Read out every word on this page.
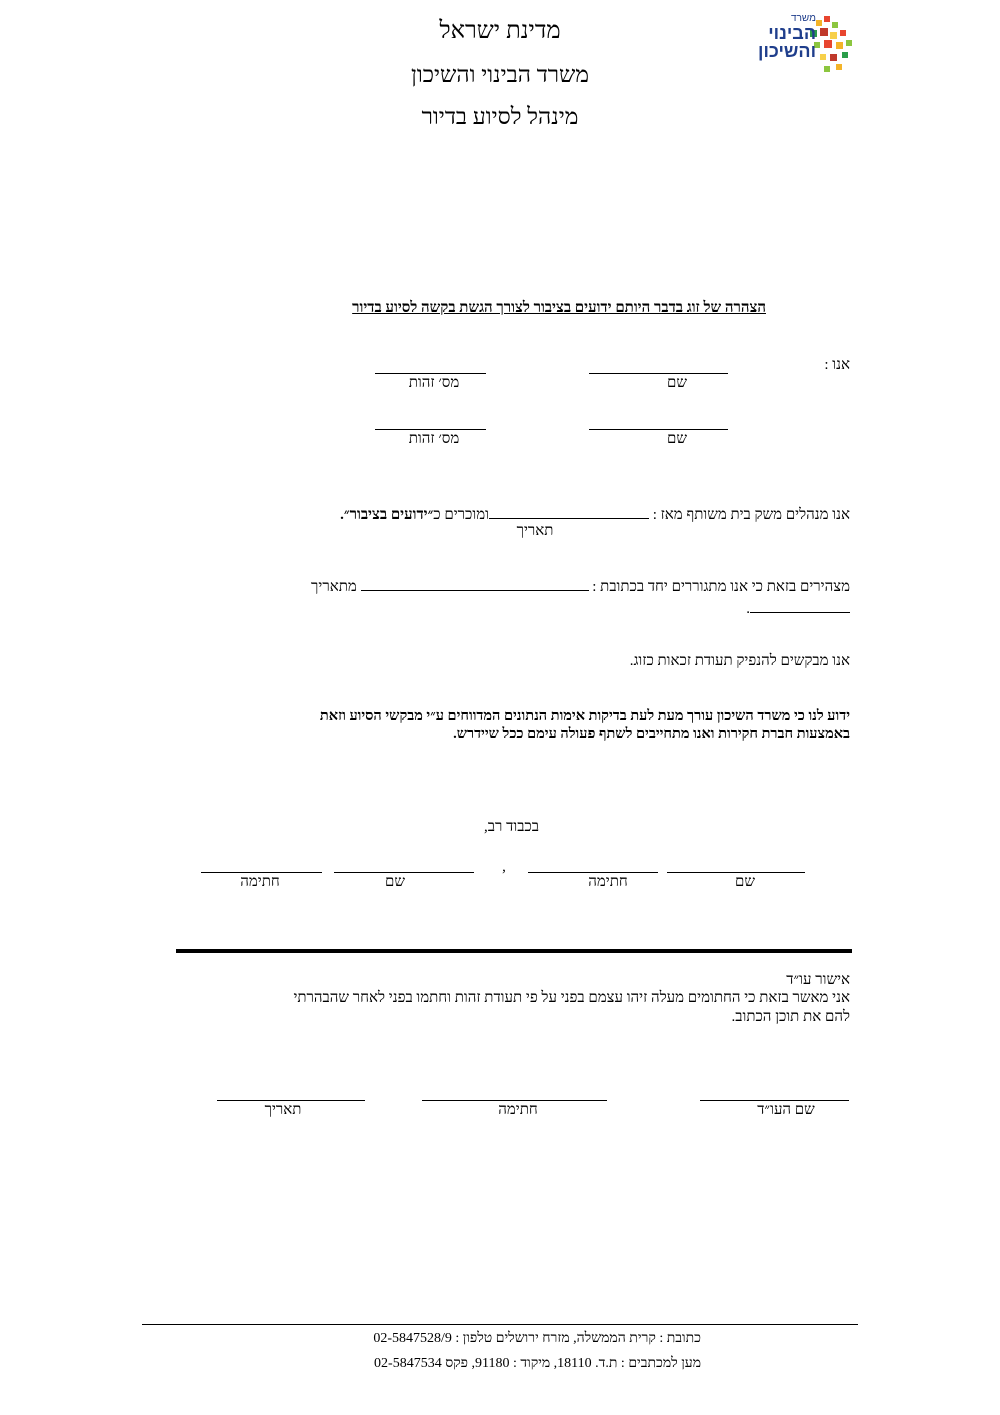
מדינת ישראל
משרד הבינוי והשיכון
מינהל לסיוע בדיור
משרד
הבינוי
והשיכון
הצהרה של זוג בדבר היותם ידועים בציבור לצורך הגשת בקשה לסיוע בדיור
אנו :
שם
מס׳ זהות
שם
מס׳ זהות
אנו מנהלים משק בית משותף מאז : ומוכרים כ״ידועים בציבור״.
תאריך
מצהירים בזאת כי אנו מתגוררים יחד בכתובת :  מתאריך
.
אנו מבקשים להנפיק תעודת זכאות כזוג.
ידוע לנו כי משרד השיכון עורך מעת לעת בדיקות אימות הנתונים המדווחים ע״י מבקשי הסיוע וזאת
באמצעות חברת חקירות ואנו מתחייבים לשתף פעולה עימם ככל שיידרש.
בכבוד רב,
שם
חתימה
,
שם
חתימה
אישור עו״ד
אני מאשר בזאת כי החתומים מעלה זיהו עצמם בפני על פי תעודת זהות וחתמו בפני לאחר שהבהרתי
להם את תוכן הכתוב.
שם העו״ד
חתימה
תאריך
כתובת : קרית הממשלה, מזרח ירושלים טלפון : 02-5847528/9
מען למכתבים : ת.ד. 18110, מיקוד : 91180, פקס 02-5847534
